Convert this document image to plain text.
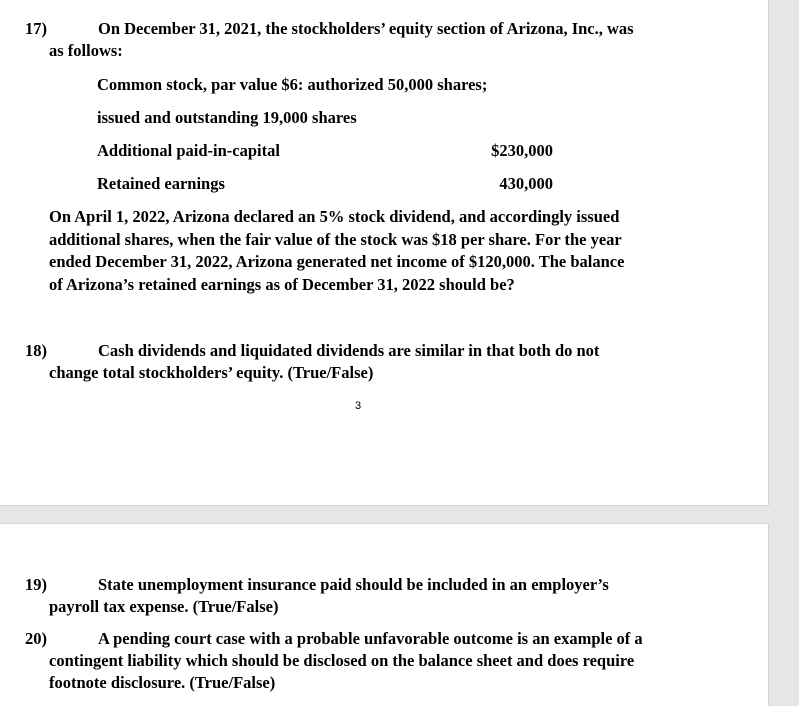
17)	On December 31, 2021, the stockholders’ equity section of Arizona, Inc., was
as follows:
Common stock, par value $6: authorized 50,000 shares;
issued and outstanding 19,000 shares
Additional paid-in-capital	$230,000
Retained earnings	430,000
On April 1, 2022, Arizona declared an 5% stock dividend, and accordingly issued
additional shares, when the fair value of the stock was $18 per share. For the year
ended December 31, 2022, Arizona generated net income of $120,000. The balance
of Arizona’s retained earnings as of December 31, 2022 should be?
18)	Cash dividends and liquidated dividends are similar in that both do not
change total stockholders’ equity. (True/False)
3
19)	State unemployment insurance paid should be included in an employer’s
payroll tax expense. (True/False)
20)	A pending court case with a probable unfavorable outcome is an example of a
contingent liability which should be disclosed on the balance sheet and does require
footnote disclosure. (True/False)
